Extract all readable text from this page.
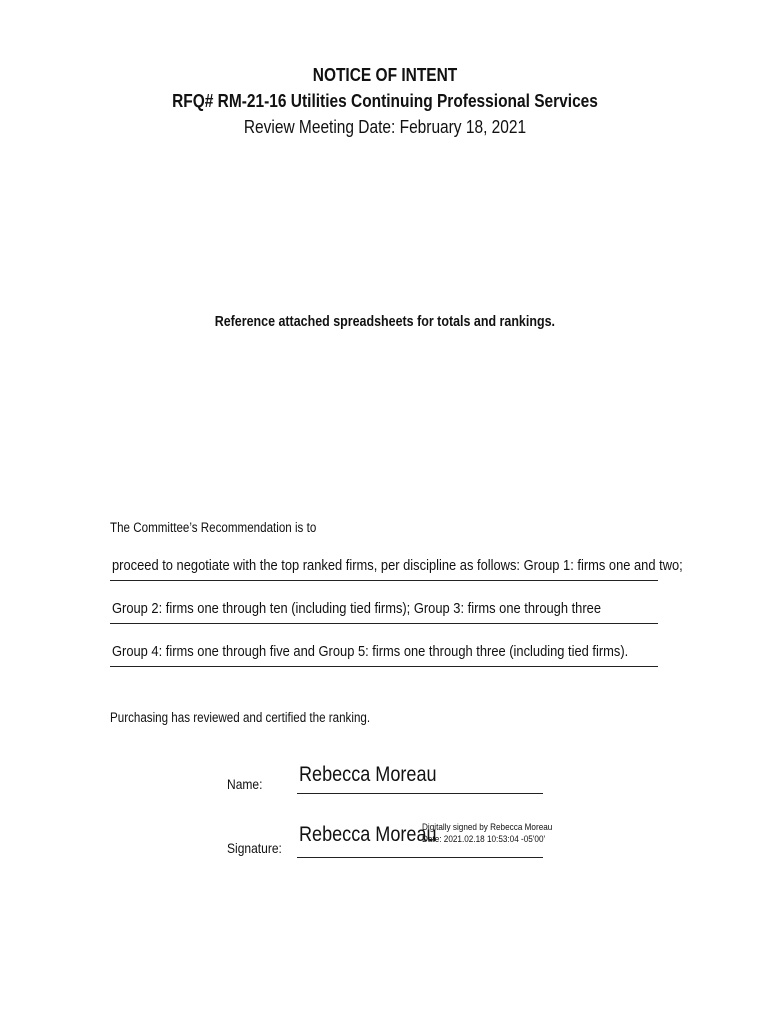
NOTICE OF INTENT

RFQ# RM-21-16 Utilities Continuing Professional Services

Review Meeting Date: February 18, 2021

Reference attached spreadsheets for totals and rankings.
The Committee’s Recommendation is to
proceed to negotiate with the top ranked firms, per discipline as follows: Group 1: firms one and two;
Group 2: firms one through ten (including tied firms); Group 3: firms one through three
Group 4: firms one through five and Group 5: firms one through three (including tied firms).
Purchasing has reviewed and certified the ranking.
Name: Rebecca Moreau
Signature:
Rebecca Moreau
Digitally signed by Rebecca Moreau
Date: 2021.02.18 10:53:04 -05'00'
